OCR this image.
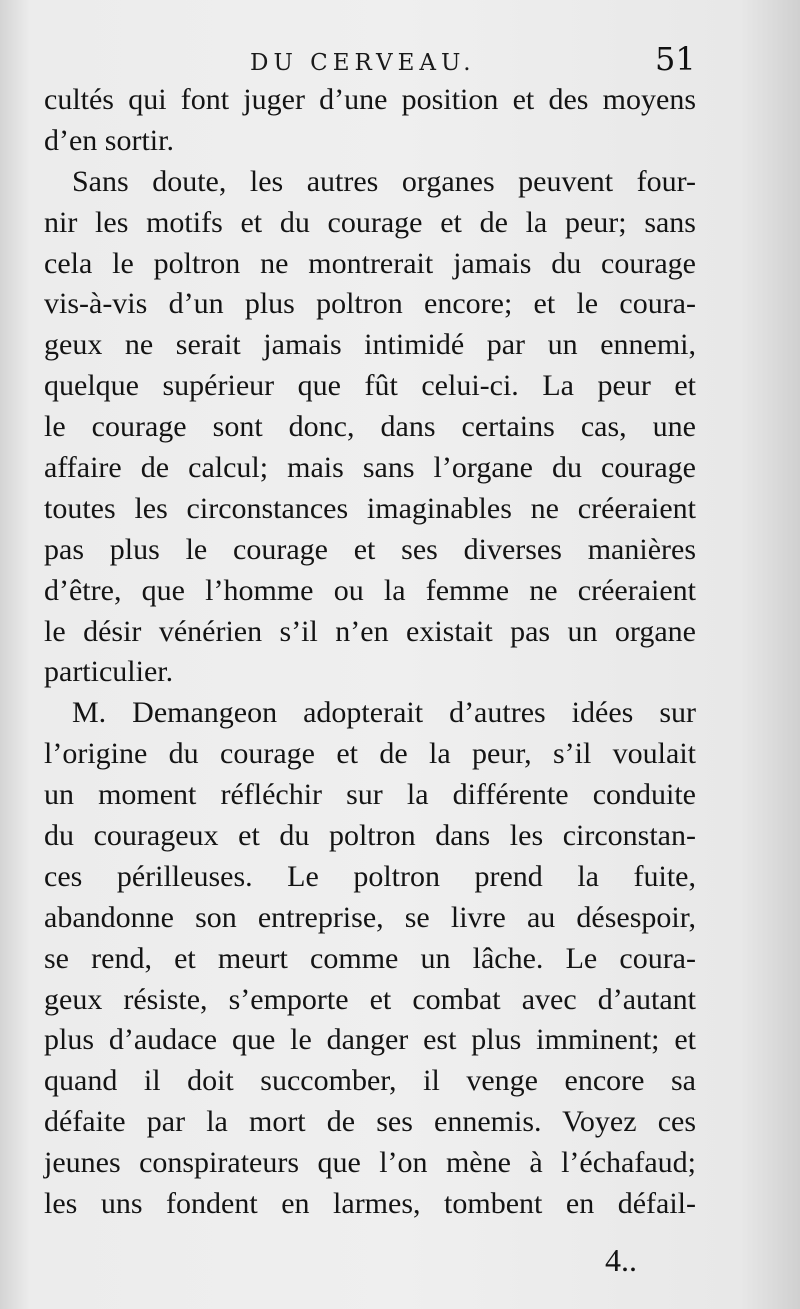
DU CERVEAU.	51
cultés qui font juger d’une position et des moyens
d’en sortir.
Sans doute, les autres organes peuvent four-
nir les motifs et du courage et de la peur; sans
cela le poltron ne montrerait jamais du courage
vis-à-vis d’un plus poltron encore; et le coura-
geux ne serait jamais intimidé par un ennemi,
quelque supérieur que fût celui-ci. La peur et
le courage sont donc, dans certains cas, une
affaire de calcul; mais sans l’organe du courage
toutes les circonstances imaginables ne créeraient
pas plus le courage et ses diverses manières
d’être, que l’homme ou la femme ne créeraient
le désir vénérien s’il n’en existait pas un organe
particulier.
M. Demangeon adopterait d’autres idées sur
l’origine du courage et de la peur, s’il voulait
un moment réfléchir sur la différente conduite
du courageux et du poltron dans les circonstan-
ces périlleuses. Le poltron prend la fuite,
abandonne son entreprise, se livre au désespoir,
se rend, et meurt comme un lâche. Le coura-
geux résiste, s’emporte et combat avec d’autant
plus d’audace que le danger est plus imminent; et
quand il doit succomber, il venge encore sa
défaite par la mort de ses ennemis. Voyez ces
jeunes conspirateurs que l’on mène à l’échafaud;
les uns fondent en larmes, tombent en défail-
4..
